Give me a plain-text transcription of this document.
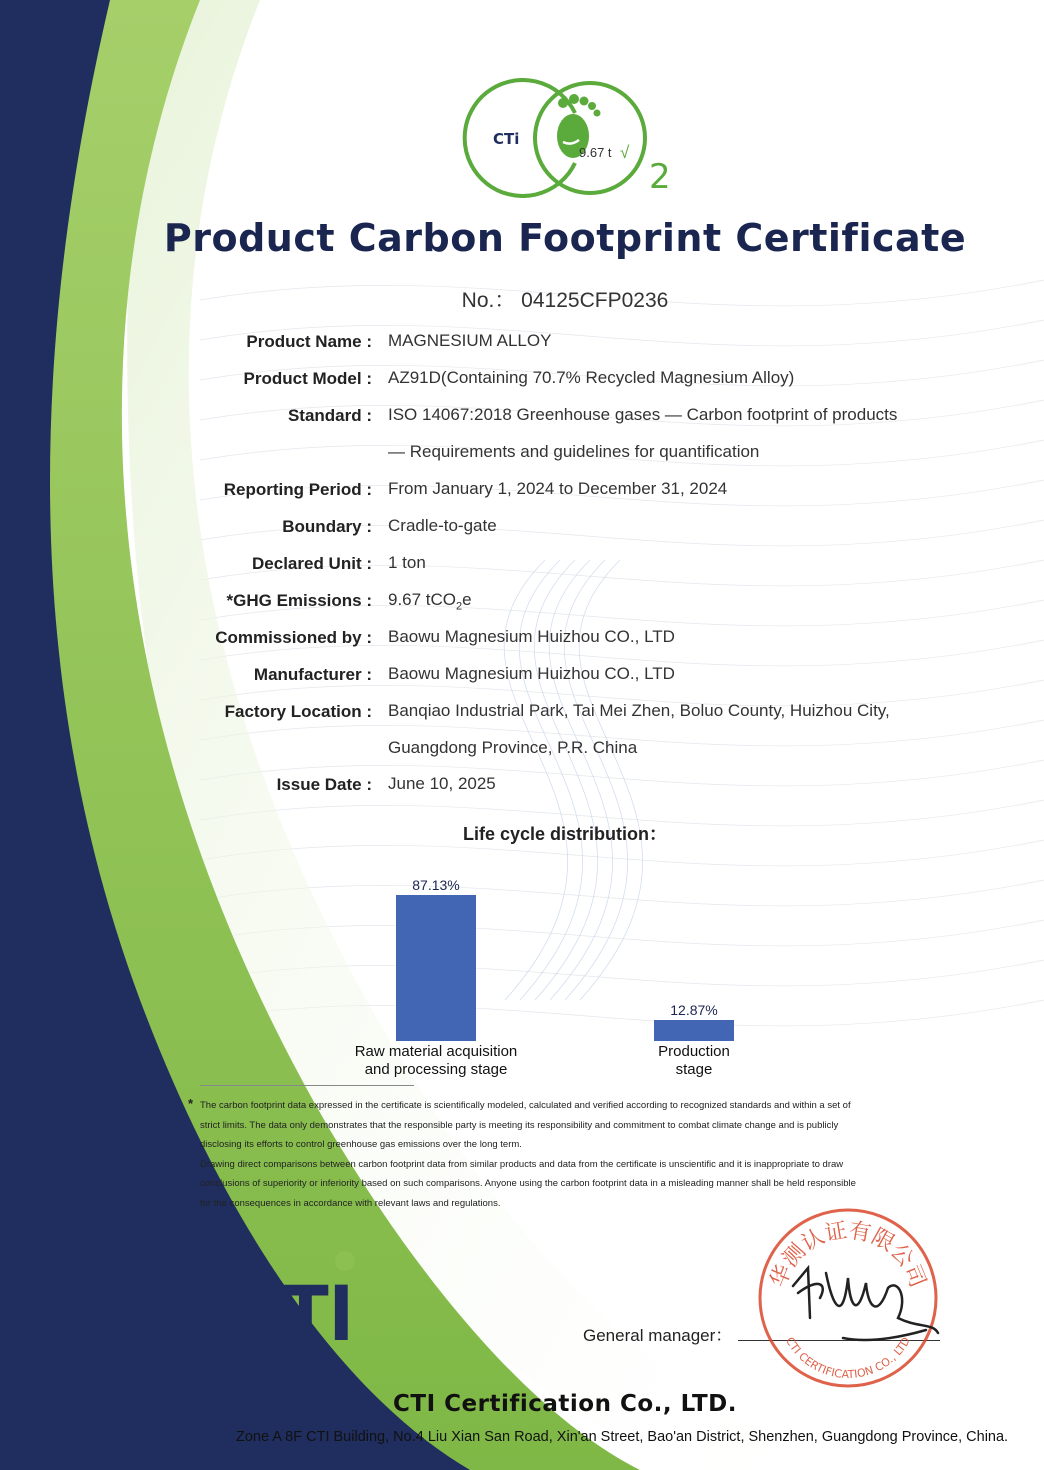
CTi
9.67 t √
2
Product Carbon Footprint Certificate
No.： 04125CFP0236
Product Name : MAGNESIUM ALLOY
Product Model : AZ91D(Containing 70.7% Recycled Magnesium Alloy)
Standard : ISO 14067:2018 Greenhouse gases — Carbon footprint of products
— Requirements and guidelines for quantification
Reporting Period : From January 1, 2024 to December 31, 2024
Boundary : Cradle-to-gate
Declared Unit : 1 ton
*GHG Emissions : 9.67 tCO$_2$e
Commissioned by : Baowu Magnesium Huizhou CO., LTD
Manufacturer : Baowu Magnesium Huizhou CO., LTD
Factory Location : Banqiao Industrial Park, Tai Mei Zhen, Boluo County, Huizhou City,
Guangdong Province, P.R. China
Issue Date : June 10, 2025
Life cycle distribution：
87.13%
Raw material acquisition
and processing stage
12.87%
Production
stage
* The carbon footprint data expressed in the certificate is scientifically modeled, calculated and verified according to recognized standards and within a set of
strict limits. The data only demonstrates that the responsible party is meeting its responsibility and commitment to combat climate change and is publicly
disclosing its efforts to control greenhouse gas emissions over the long term.
Drawing direct comparisons between carbon footprint data from similar products and data from the certificate is unscientific and it is inappropriate to draw
conclusions of superiority or inferiority based on such comparisons. Anyone using the carbon footprint data in a misleading manner shall be held responsible
for the consequences in accordance with relevant laws and regulations.
CTI	General manager：
华测认证有限公司
CTI CERTIFICATION CO., LTD
CTI Certification Co., LTD.
Zone A 8F CTI Building, No.4 Liu Xian San Road, Xin'an Street, Bao'an District, Shenzhen, Guangdong Province, China.
